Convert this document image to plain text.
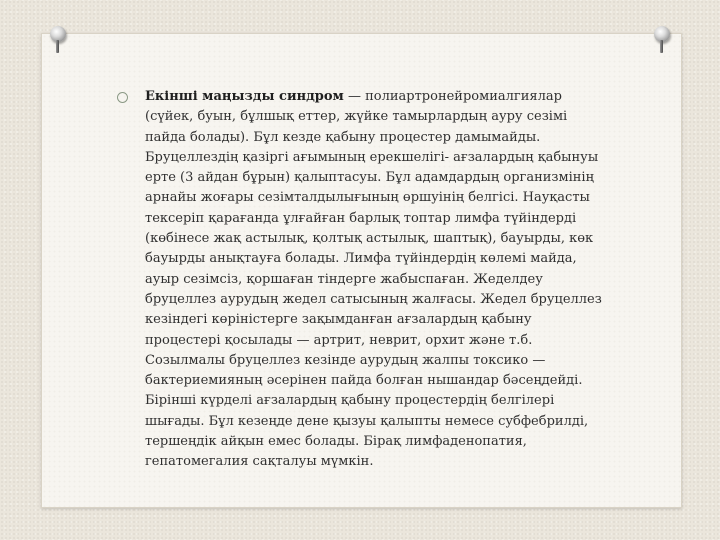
Екінші маңызды синдром — полиартронейромиалгиялар (сүйек, буын, бұлшық еттер, жүйке тамырлардың ауру сезімі пайда болады). Бұл кезде қабыну процестер дамымайды. Бруцеллездің қазіргі ағымының ерекшелігі- ағзалардың қабынуы ерте (3 айдан бұрын) қалыптасуы. Бұл адамдардың организмінің арнайы жоғары сезімталдылығының өршуінің белгісі. Науқасты тексеріп қарағанда ұлғайған барлық топтар лимфа түйіндерді (көбінесе жақ астылық, қолтық астылық, шаптық), бауырды, көк бауырды анықтауға болады. Лимфа түйіндердің көлемі майда, ауыр сезімсіз, қоршаған тіндерге жабыспаған. Жеделдеу бруцеллез аурудың жедел сатысының жалғасы. Жедел бруцеллез кезіндегі көріністерге зақымданған ағзалардың қабыну процестері қосылады — артрит, неврит, орхит және т.б. Созылмалы бруцеллез кезінде аурудың жалпы токсико — бактериемияның әсерінен пайда болған нышандар бәсеңдейді. Біріншi күрделі ағзалардың қабыну процестердің белгілері шығады. Бұл кезеңде дене қызуы қалыпты немесе субфебрилді, тершеңдік айқын емес болады. Бірақ лимфаденопатия, гепатомегалия сақталуы мүмкін.
